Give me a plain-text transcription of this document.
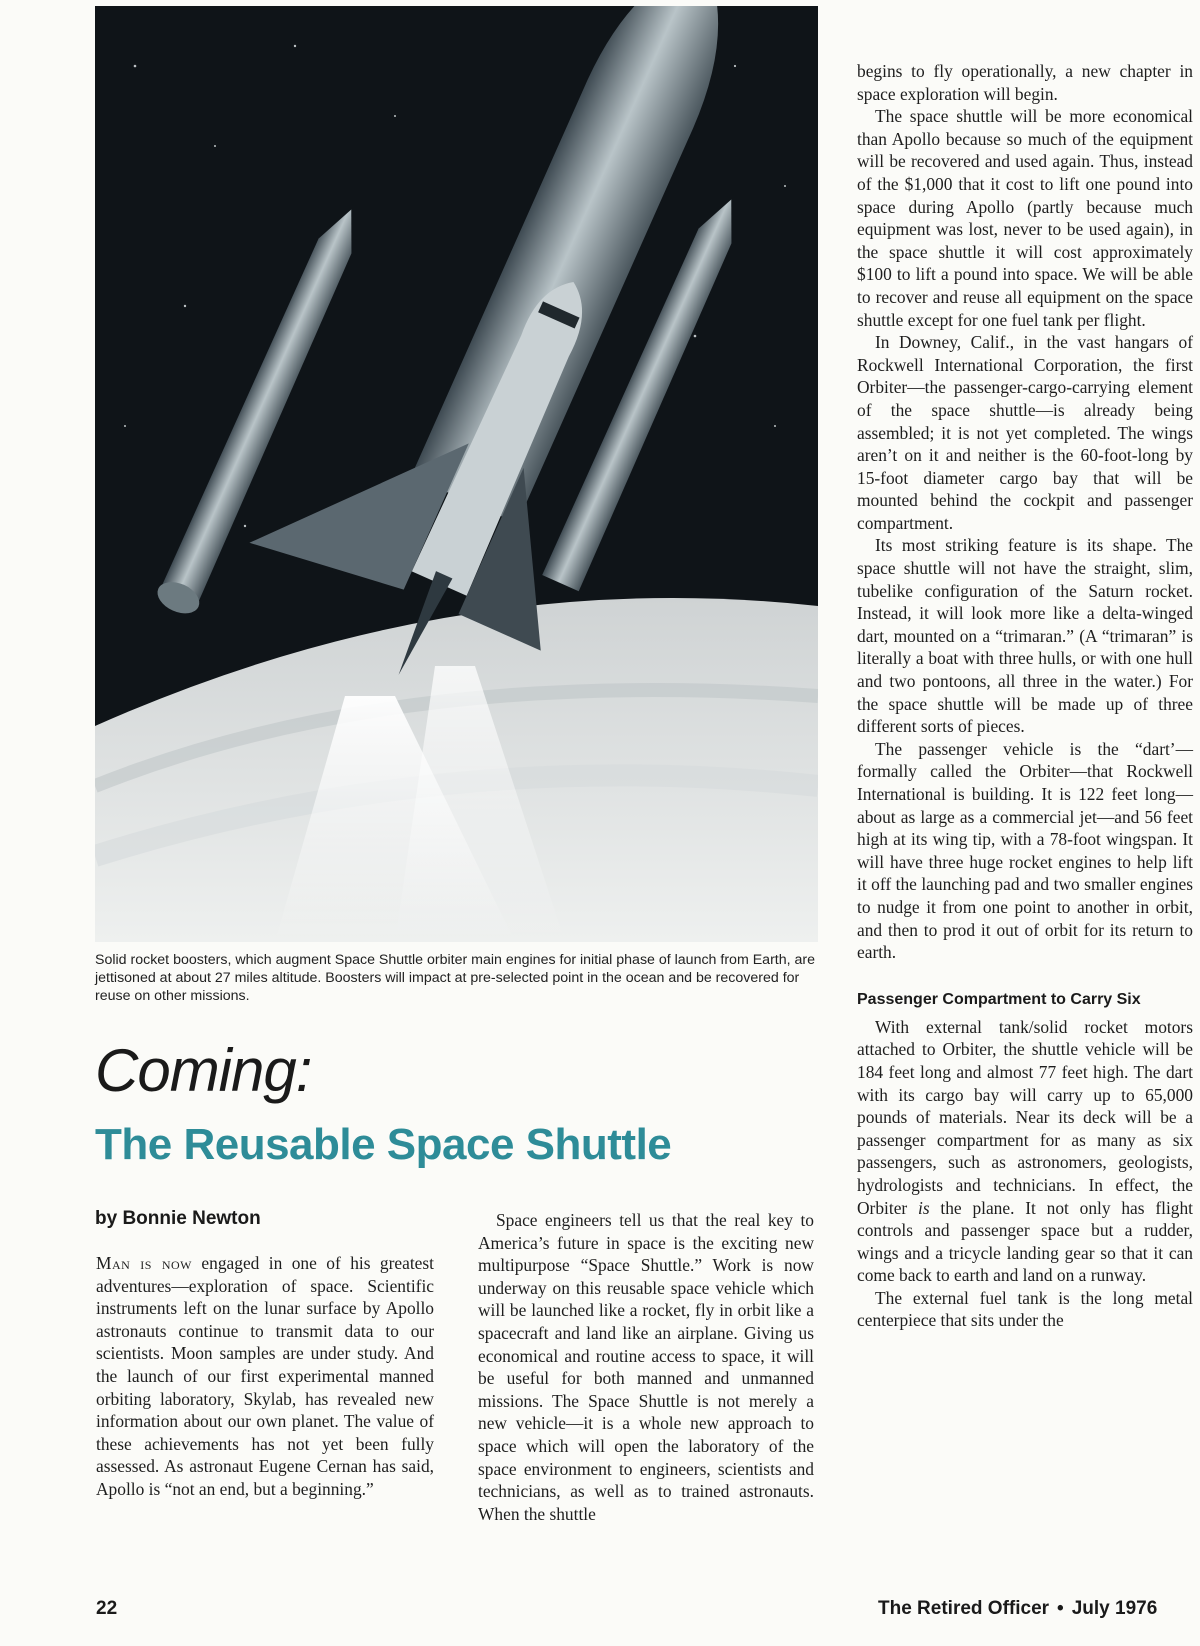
Solid rocket boosters, which augment Space Shuttle orbiter main engines for initial phase of launch from Earth, are jettisoned at about 27 miles altitude. Boosters will impact at pre-selected point in the ocean and be recovered for reuse on other missions.
Coming:
The Reusable Space Shuttle
by Bonnie Newton

Man is now engaged in one of his greatest adventures—exploration of space. Scientific instruments left on the lunar surface by Apollo astronauts continue to transmit data to our scientists. Moon samples are under study. And the launch of our first experimental manned orbiting laboratory, Skylab, has revealed new information about our own planet. The value of these achievements has not yet been fully assessed. As astronaut Eugene Cernan has said, Apollo is “not an end, but a beginning.”

Space engineers tell us that the real key to America’s future in space is the exciting new multipurpose “Space Shuttle.” Work is now underway on this reusable space vehicle which will be launched like a rocket, fly in orbit like a spacecraft and land like an airplane. Giving us economical and routine access to space, it will be useful for both manned and unmanned missions. The Space Shuttle is not merely a new vehicle—it is a whole new approach to space which will open the laboratory of the space environment to engineers, scientists and technicians, as well as to trained astronauts. When the shuttle

begins to fly operationally, a new chapter in space exploration will begin.

The space shuttle will be more economical than Apollo because so much of the equipment will be recovered and used again. Thus, instead of the $1,000 that it cost to lift one pound into space during Apollo (partly because much equipment was lost, never to be used again), in the space shuttle it will cost approximately $100 to lift a pound into space. We will be able to recover and reuse all equipment on the space shuttle except for one fuel tank per flight.

In Downey, Calif., in the vast hangars of Rockwell International Corporation, the first Orbiter—the passenger-cargo-carrying element of the space shuttle—is already being assembled; it is not yet completed. The wings aren’t on it and neither is the 60-foot-long by 15-foot diameter cargo bay that will be mounted behind the cockpit and passenger compartment.

Its most striking feature is its shape. The space shuttle will not have the straight, slim, tubelike configuration of the Saturn rocket. Instead, it will look more like a delta-winged dart, mounted on a “trimaran.” (A “trimaran” is literally a boat with three hulls, or with one hull and two pontoons, all three in the water.) For the space shuttle will be made up of three different sorts of pieces.

The passenger vehicle is the “dart’—formally called the Orbiter—that Rockwell International is building. It is 122 feet long—about as large as a commercial jet—and 56 feet high at its wing tip, with a 78-foot wingspan. It will have three huge rocket engines to help lift it off the launching pad and two smaller engines to nudge it from one point to another in orbit, and then to prod it out of orbit for its return to earth.

Passenger Compartment to Carry Six

With external tank/solid rocket motors attached to Orbiter, the shuttle vehicle will be 184 feet long and almost 77 feet high. The dart with its cargo bay will carry up to 65,000 pounds of materials. Near its deck will be a passenger compartment for as many as six passengers, such as astronomers, geologists, hydrologists and technicians. In effect, the Orbiter is the plane. It not only has flight controls and passenger space but a rudder, wings and a tricycle landing gear so that it can come back to earth and land on a runway.

The external fuel tank is the long metal centerpiece that sits under the

22	The Retired Officer • July 1976
